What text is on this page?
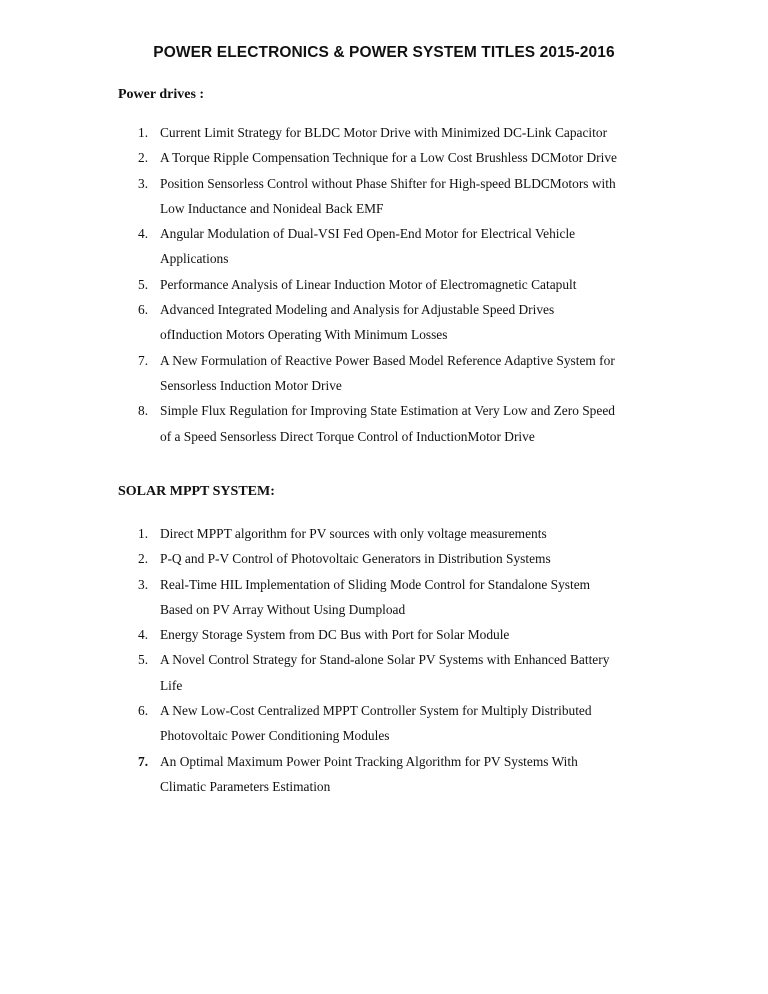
POWER ELECTRONICS & POWER SYSTEM TITLES 2015-2016
Power drives :
1. Current Limit Strategy for BLDC Motor Drive with Minimized DC-Link Capacitor
2. A Torque Ripple Compensation Technique for a Low Cost Brushless DCMotor Drive
3. Position Sensorless Control without Phase Shifter for High-speed BLDCMotors with
Low Inductance and Nonideal Back EMF
4. Angular Modulation of Dual-VSI Fed Open-End Motor for Electrical Vehicle
Applications
5. Performance Analysis of Linear Induction Motor of Electromagnetic Catapult
6. Advanced Integrated Modeling and Analysis for Adjustable Speed Drives
ofInduction Motors Operating With Minimum Losses
7. A New Formulation of Reactive Power Based Model Reference Adaptive System for
Sensorless Induction Motor Drive
8. Simple Flux Regulation for Improving State Estimation at Very Low and Zero Speed
of a Speed Sensorless Direct Torque Control of InductionMotor Drive
SOLAR MPPT SYSTEM:
1. Direct MPPT algorithm for PV sources with only voltage measurements
2. P-Q and P-V Control of Photovoltaic Generators in Distribution Systems
3. Real-Time HIL Implementation of Sliding Mode Control for Standalone System
Based on PV Array Without Using Dumpload
4. Energy Storage System from DC Bus with Port for Solar Module
5. A Novel Control Strategy for Stand-alone Solar PV Systems with Enhanced Battery
Life
6. A New Low-Cost Centralized MPPT Controller System for Multiply Distributed
Photovoltaic Power Conditioning Modules
7. An Optimal Maximum Power Point Tracking Algorithm for PV Systems With
Climatic Parameters Estimation
